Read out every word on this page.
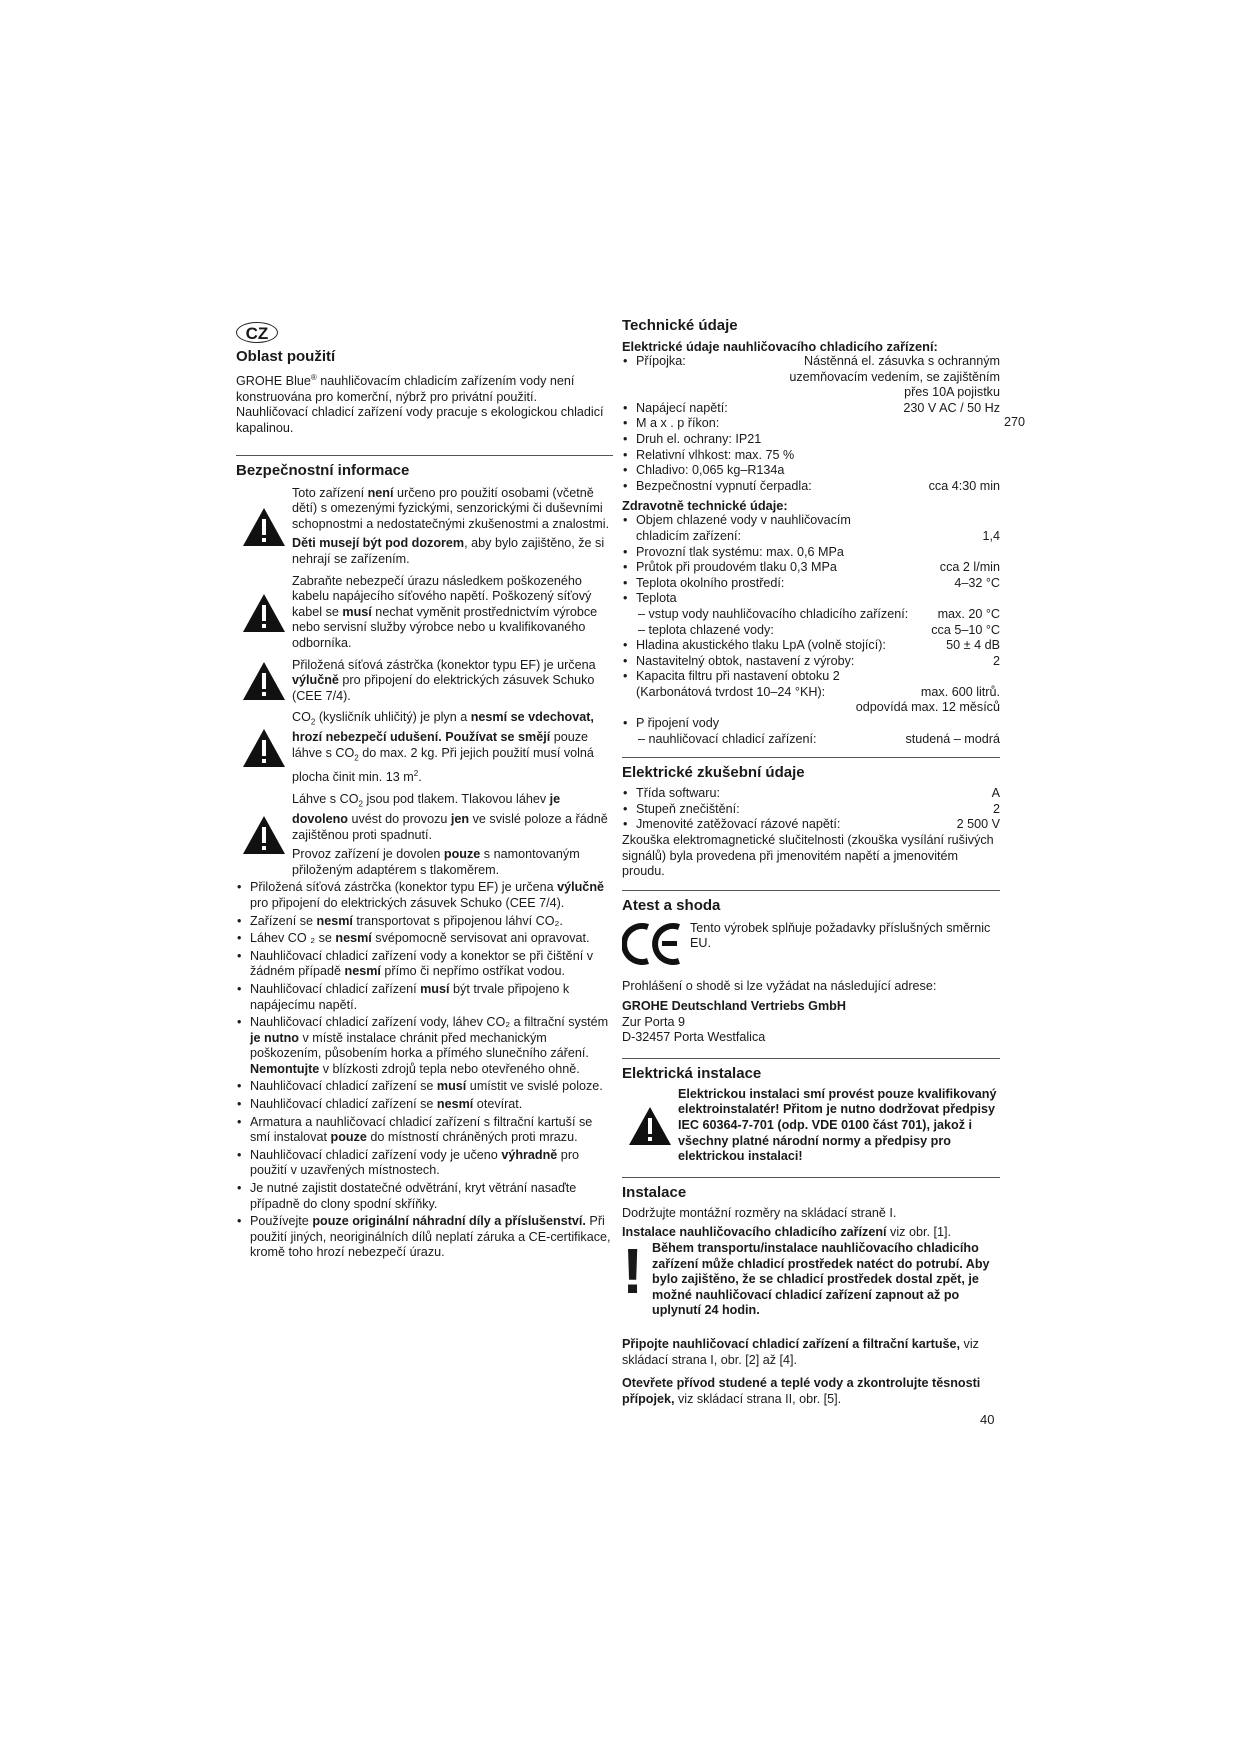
CZ
Oblast použití

GROHE Blue® nauhličovacím chladicím zařízením vody není konstruována pro komerční, nýbrž pro privátní použití.

Nauhličovací chladicí zařízení vody pracuje s ekologickou chladicí kapalinou.

Bezpečnostní informace

Toto zařízení není určeno pro použití osobami (včetně dětí) s omezenými fyzickými, senzorickými či duševními schopnostmi a nedostatečnými zkušenostmi a znalostmi.

Děti musejí být pod dozorem, aby bylo zajištěno, že si nehrají se zařízením.

Zabraňte nebezpečí úrazu následkem poškozeného kabelu napájecího síťového napětí. Poškozený síťový kabel se musí nechat vyměnit prostřednictvím výrobce nebo servisní služby výrobce nebo u kvalifikovaného odborníka.

Přiložená síťová zástrčka (konektor typu EF) je určena výlučně pro připojení do elektrických zásuvek Schuko (CEE 7/4).

$CO_2$ (kysličník uhličitý) je plyn a nesmí se vdechovat, hrozí nebezpečí udušení. Používat se smějí pouze láhve s $CO_2$ do max. 2 kg. Při jejich použití musí volná plocha činit min. 13 $m^2$.

Láhve s $CO_2$ jsou pod tlakem. Tlakovou láhev je dovoleno uvést do provozu jen ve svislé poloze a řádně zajištěnou proti spadnutí.

Provoz zařízení je dovolen pouze s namontovaným přiloženým adaptérem s tlakoměrem.

• Přiložená síťová zástrčka (konektor typu EF) je určena výlučně pro připojení do elektrických zásuvek Schuko (CEE 7/4).
• Zařízení se nesmí transportovat s připojenou láhví CO₂.
• Láhev CO ₂ se nesmí svépomocně servisovat ani opravovat.
• Nauhličovací chladicí zařízení vody a konektor se při čištění v žádném případě nesmí přímo či nepřímo ostříkat vodou.
• Nauhličovací chladicí zařízení musí být trvale připojeno k napájecímu napětí.
• Nauhličovací chladicí zařízení vody, láhev CO₂ a filtrační systém je nutno v místě instalace chránit před mechanickým poškozením, působením horka a přímého slunečního záření. Nemontujte v blízkosti zdrojů tepla nebo otevřeného ohně.
• Nauhličovací chladicí zařízení se musí umístit ve svislé poloze.
• Nauhličovací chladicí zařízení se nesmí otevírat.
• Armatura a nauhličovací chladicí zařízení s filtrační kartuší se smí instalovat pouze do místností chráněných proti mrazu.
• Nauhličovací chladicí zařízení vody je učeno výhradně pro použití v uzavřených místnostech.
• Je nutné zajistit dostatečné odvětrání, kryt větrání nasaďte případně do clony spodní skříňky.
• Používejte pouze originální náhradní díly a příslušenství. Při použití jiných, neoriginálních dílů neplatí záruka a CE-certifikace, kromě toho hrozí nebezpečí úrazu.
Technické údaje
Elektrické údaje nauhličovacího chladicího zařízení:
• Přípojka:	Nástěnná el. zásuvka s ochranným
uzemňovacím vedením, se zajištěním
přes 10A pojistku
• Napájecí napětí:	230 V AC / 50 Hz
• M a x . p říkon:
• Druh el. ochrany: IP21
• Relativní vlhkost: max. 75 %
• Chladivo: 0,065 kg–R134a
• Bezpečnostní vypnutí čerpadla:	cca 4:30 min
Zdravotně technické údaje:
• Objem chlazené vody v nauhličovacím
chladicím zařízení:	1,4
• Provozní tlak systému: max. 0,6 MPa
• Průtok při proudovém tlaku 0,3 MPa	cca 2 l/min
• Teplota okolního prostředí:	4–32 °C
• Teplota
– vstup vody nauhličovacího chladicího zařízení: max. 20 °C
– teplota chlazené vody:	cca 5–10 °C
• Hladina akustického tlaku LpA (volně stojící):	50 ± 4 dB
• Nastavitelný obtok, nastavení z výroby:	2
• Kapacita filtru při nastavení obtoku 2
(Karbonátová tvrdost 10–24 °KH):	max. 600 litrů.
odpovídá max. 12 měsíců
• P řipojení vody
– nauhličovací chladicí zařízení:	studená – modrá
Elektrické zkušební údaje
• Třída softwaru:	A
• Stupeň znečištění:	2
• Jmenovité zatěžovací rázové napětí:	2 500 V

Zkouška elektromagnetické slučitelnosti (zkouška vysílání rušivých signálů) byla provedena při jmenovitém napětí a jmenovitém proudu.

Atest a shoda

Tento výrobek splňuje požadavky příslušných směrnic EU.

Prohlášení o shodě si lze vyžádat na následující adrese:

GROHE Deutschland Vertriebs GmbH

Zur Porta 9

D-32457 Porta Westfalica

Elektrická instalace
Elektrickou instalaci smí provést pouze kvalifikovaný elektroinstalatér! Přitom je nutno dodržovat předpisy IEC 60364-7-701 (odp. VDE 0100 část 701), jakož i všechny platné národní normy a předpisy pro elektrickou instalaci!
Instalace

Dodržujte montážní rozměry na skládací straně I.

Instalace nauhličovacího chladicího zařízení viz obr. [1].

! Během transportu/instalace nauhličovacího chladicího zařízení může chladicí prostředek natéct do potrubí. Aby bylo zajištěno, že se chladicí prostředek dostal zpět, je možné nauhličovací chladicí zařízení zapnout až po uplynutí 24 hodin.

Připojte nauhličovací chladicí zařízení a filtrační kartuše, viz skládací strana I, obr. [2] až [4].

Otevřete přívod studené a teplé vody a zkontrolujte těsnosti přípojek, viz skládací strana II, obr. [5].

270
40
